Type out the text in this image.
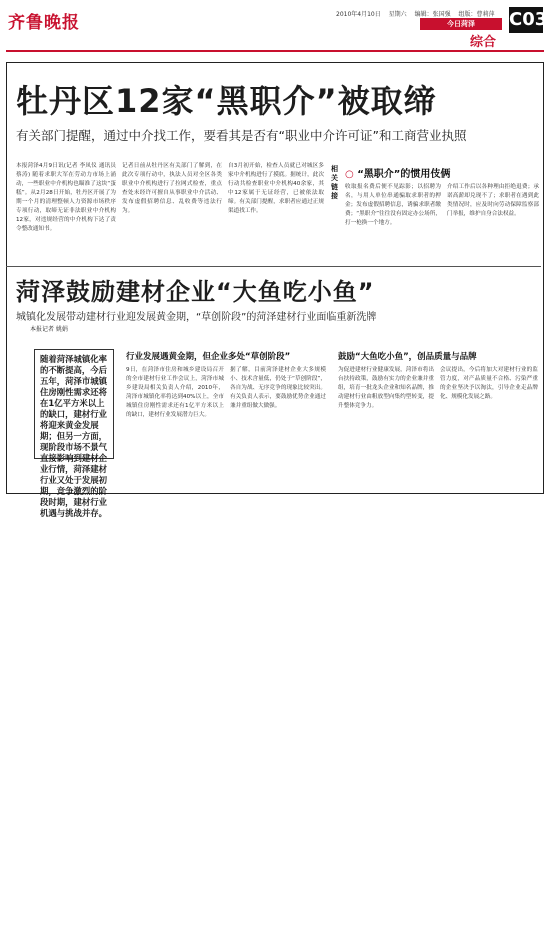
齐鲁晚报	2010年4月10日 星期六 编辑：张国强 组版：曹莉萍
今日菏泽
综合
C03
牡丹区12家“黑职介”被取缔
有关部门提醒，通过中介找工作，要看其是否有“职业中介许可证”和工商营业执照
本报菏泽4月9日讯(记者 李凤仪 通讯员 蔡涛) 随着求职大军在劳动力市场上涌动，一些职业中介机构也瞄准了这块“蛋糕”。从2月28日开始，牡丹区开展了为期一个月的清理整顿人力资源市场秩序专项行动，取缔无证非法职业中介机构12家，对违规经营的中介机构下达了责令整改通知书。
记者日前从牡丹区有关部门了解到，在此次专项行动中，执法人员对全区各类职业中介机构进行了拉网式检查，重点查处未经许可擅自从事职业中介活动、发布虚假招聘信息、乱收费等违法行为。
自3月初开始，检查人员就已对城区多家中介机构进行了摸底。据统计，此次行动共检查职业中介机构40余家，其中12家属于无证经营，已被依法取缔。有关部门提醒，求职者应通过正规渠道找工作。
相关链接
○ “黑职介”的惯用伎俩
收取报名费后便不见踪影；以招聘为名，与用人单位串通骗取求职者的押金；发布虚假招聘信息，诱骗求职者缴费；“黑职介”往往没有固定办公场所，打一枪换一个地方。
介绍工作后以各种理由拒绝退费；承诺高薪却兑现不了；求职者在遇到此类情况时，应及时向劳动保障监察部门举报，维护自身合法权益。
菏泽鼓励建材企业“大鱼吃小鱼”
城镇化发展带动建材行业迎发展黄金期，“草创阶段”的菏泽建材行业面临重新洗牌
本报记者 姚娟
随着菏泽城镇化率的不断提高，今后五年，菏泽市城镇住房刚性需求还将在1亿平方米以上的缺口，建材行业将迎来黄金发展期；但另一方面，现阶段市场不景气直接影响到建材企业行情，菏泽建材行业又处于发展初期，竞争激烈的阶段时期，建材行业机遇与挑战并存。
行业发展遇黄金期，但企业多处“草创阶段”
9日，在菏泽市住房和城乡建设局召开的全市建材行业工作会议上，菏泽市城乡建设局相关负责人介绍，2010年，菏泽市城镇化率将达到40%以上，全市城镇住房刚性需求还有1亿平方米以上的缺口，建材行业发展潜力巨大。
据了解，目前菏泽建材企业大多规模小、技术含量低，仍处于“草创阶段”，各自为战、无序竞争的现象比较突出。有关负责人表示，要鼓励优势企业通过兼并重组做大做强。
鼓励“大鱼吃小鱼”，创品质量与品牌
为促进建材行业健康发展，菏泽市将出台扶持政策，鼓励有实力的企业兼并重组，培育一批龙头企业和知名品牌，推动建材行业由粗放型向集约型转变，提升整体竞争力。
会议提出，今后将加大对建材行业的监管力度，对产品质量不合格、污染严重的企业坚决予以淘汰，引导企业走品牌化、规模化发展之路。
